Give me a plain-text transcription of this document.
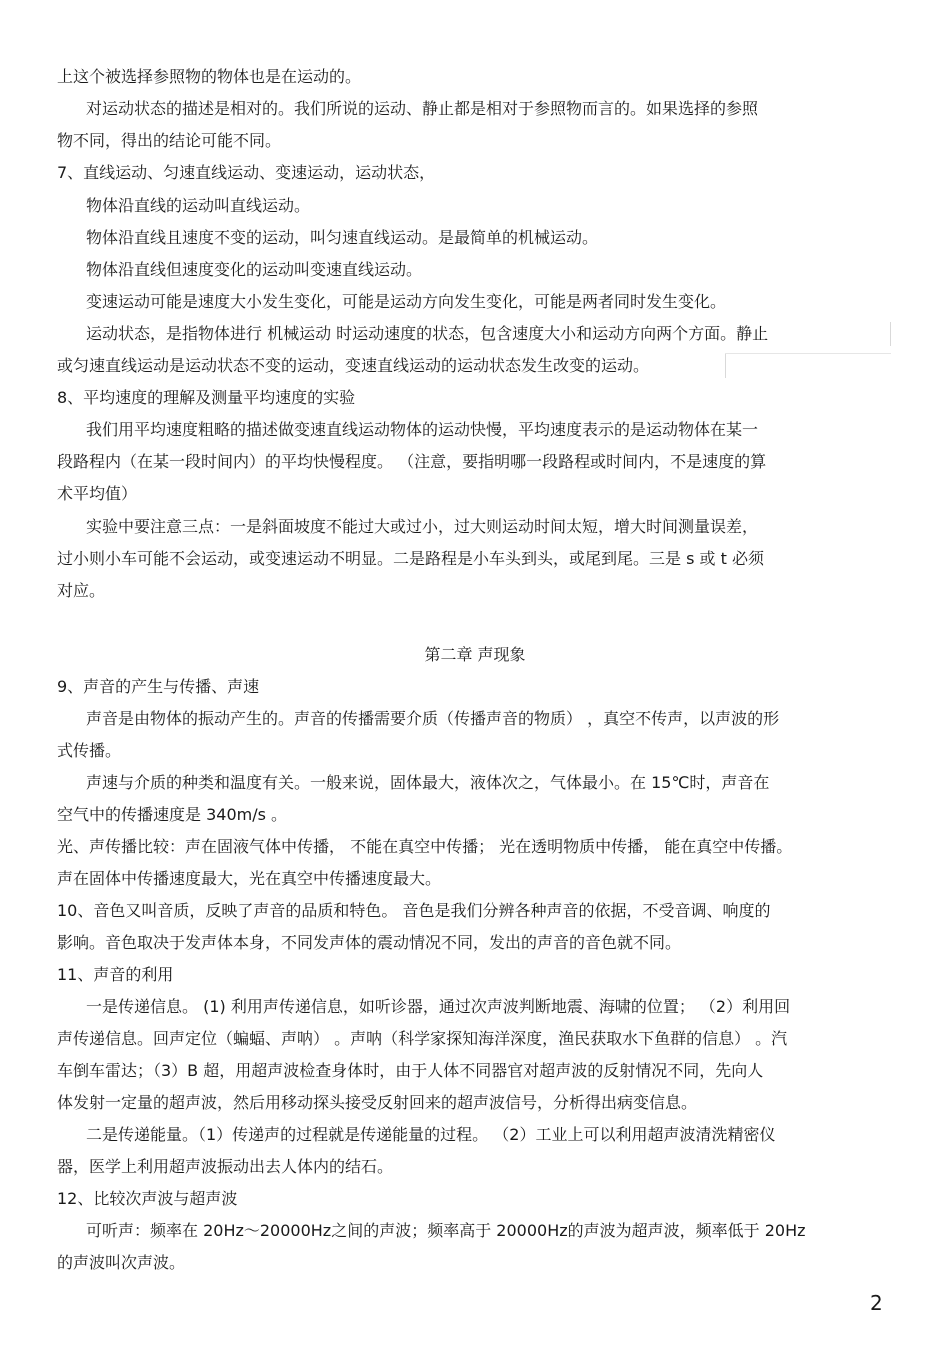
上这个被选择参照物的物体也是在运动的。
对运动状态的描述是相对的。我们所说的运动、静止都是相对于参照物而言的。如果选择的参照
物不同，得出的结论可能不同。
7、直线运动、匀速直线运动、变速运动，运动状态，
物体沿直线的运动叫直线运动。
物体沿直线且速度不变的运动，叫匀速直线运动。是最简单的机械运动。
物体沿直线但速度变化的运动叫变速直线运动。
变速运动可能是速度大小发生变化，可能是运动方向发生变化，可能是两者同时发生变化。
运动状态，是指物体进行 机械运动 时运动速度的状态，包含速度大小和运动方向两个方面。静止
或匀速直线运动是运动状态不变的运动，变速直线运动的运动状态发生改变的运动。
8、平均速度的理解及测量平均速度的实验
我们用平均速度粗略的描述做变速直线运动物体的运动快慢，平均速度表示的是运动物体在某一
段路程内（在某一段时间内）的平均快慢程度。 （注意，要指明哪一段路程或时间内，不是速度的算
术平均值）
实验中要注意三点：一是斜面坡度不能过大或过小，过大则运动时间太短，增大时间测量误差，
过小则小车可能不会运动，或变速运动不明显。二是路程是小车头到头，或尾到尾。三是 s 或 t 必须
对应。
第二章 声现象
9、声音的产生与传播、声速
声音是由物体的振动产生的。声音的传播需要介质（传播声音的物质） ，真空不传声，以声波的形
式传播。
声速与介质的种类和温度有关。一般来说，固体最大，液体次之，气体最小。在 15℃时，声音在
空气中的传播速度是 340m/s 。
光、声传播比较：声在固液气体中传播， 不能在真空中传播； 光在透明物质中传播， 能在真空中传播。
声在固体中传播速度最大，光在真空中传播速度最大。
10、音色又叫音质，反映了声音的品质和特色。 音色是我们分辨各种声音的依据，不受音调、响度的
影响。音色取决于发声体本身，不同发声体的震动情况不同，发出的声音的音色就不同。
11、声音的利用
一是传递信息。 (1) 利用声传递信息，如听诊器，通过次声波判断地震、海啸的位置； （2）利用回
声传递信息。回声定位（蝙蝠、声呐） 。声呐（科学家探知海洋深度，渔民获取水下鱼群的信息） 。汽
车倒车雷达；（3）B 超，用超声波检查身体时，由于人体不同器官对超声波的反射情况不同，先向人
体发射一定量的超声波，然后用移动探头接受反射回来的超声波信号，分析得出病变信息。
二是传递能量。（1）传递声的过程就是传递能量的过程。 （2）工业上可以利用超声波清洗精密仪
器，医学上利用超声波振动出去人体内的结石。
12、比较次声波与超声波
可听声：频率在 20Hz～20000Hz之间的声波；频率高于 20000Hz的声波为超声波，频率低于 20Hz
的声波叫次声波。
2
